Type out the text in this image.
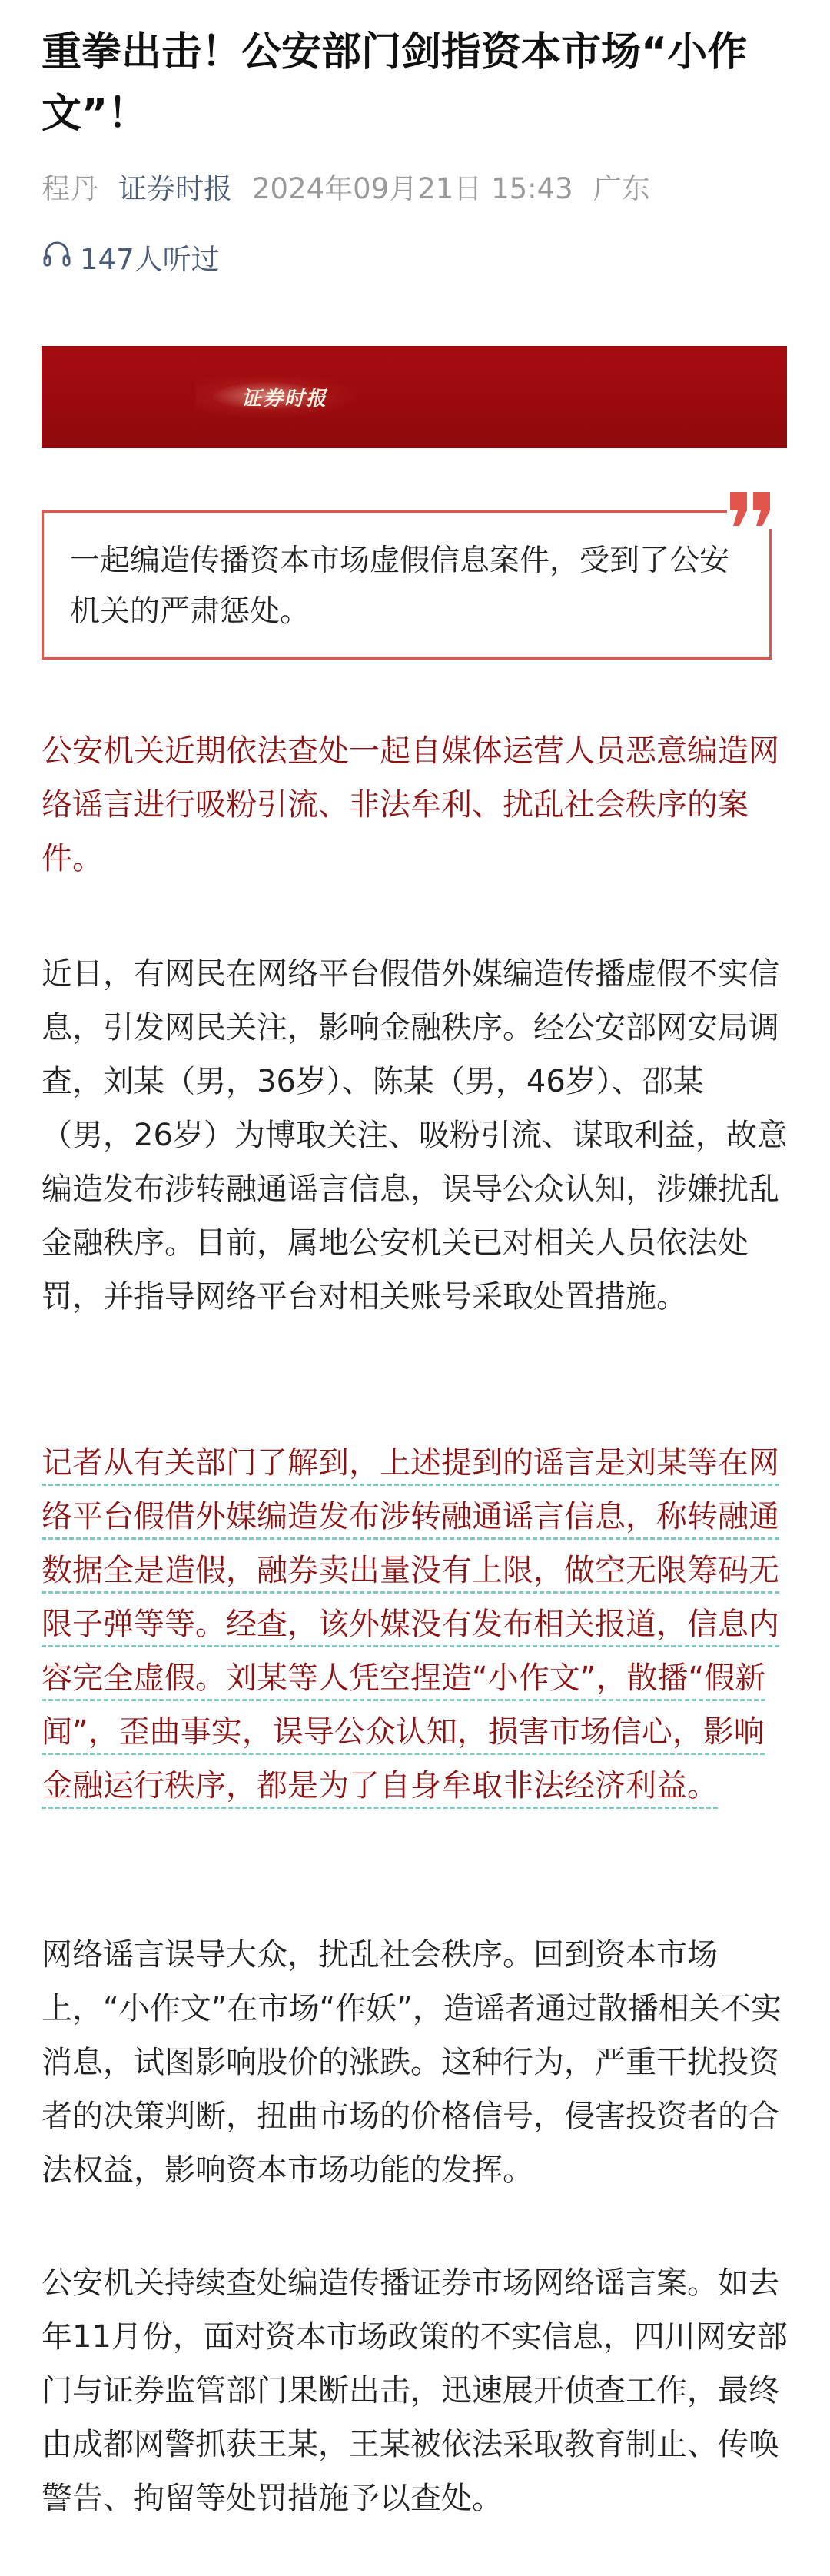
重拳出击！公安部门剑指资本市场“小作文”！
程丹 证券时报 2024年09月21日 15:43 广东
147人听过
证券时报
一起编造传播资本市场虚假信息案件，受到了公安机关的严肃惩处。

公安机关近期依法查处一起自媒体运营人员恶意编造网络谣言进行吸粉引流、非法牟利、扰乱社会秩序的案件。

近日，有网民在网络平台假借外媒编造传播虚假不实信息，引发网民关注，影响金融秩序。经公安部网安局调查，刘某（男，36岁）、陈某（男，46岁）、邵某（男，26岁）为博取关注、吸粉引流、谋取利益，故意编造发布涉转融通谣言信息，误导公众认知，涉嫌扰乱金融秩序。目前，属地公安机关已对相关人员依法处罚，并指导网络平台对相关账号采取处置措施。

记者从有关部门了解到，上述提到的谣言是刘某等在网络平台假借外媒编造发布涉转融通谣言信息，称转融通数据全是造假，融券卖出量没有上限，做空无限筹码无限子弹等等。经查，该外媒没有发布相关报道，信息内容完全虚假。刘某等人凭空捏造“小作文”，散播“假新闻”，歪曲事实，误导公众认知，损害市场信心，影响金融运行秩序，都是为了自身牟取非法经济利益。

网络谣言误导大众，扰乱社会秩序。回到资本市场上，“小作文”在市场“作妖”，造谣者通过散播相关不实消息，试图影响股价的涨跌。这种行为，严重干扰投资者的决策判断，扭曲市场的价格信号，侵害投资者的合法权益，影响资本市场功能的发挥。

公安机关持续查处编造传播证券市场网络谣言案。如去年11月份，面对资本市场政策的不实信息，四川网安部门与证券监管部门果断出击，迅速展开侦查工作，最终由成都网警抓获王某，王某被依法采取教育制止、传唤警告、拘留等处罚措施予以查处。
